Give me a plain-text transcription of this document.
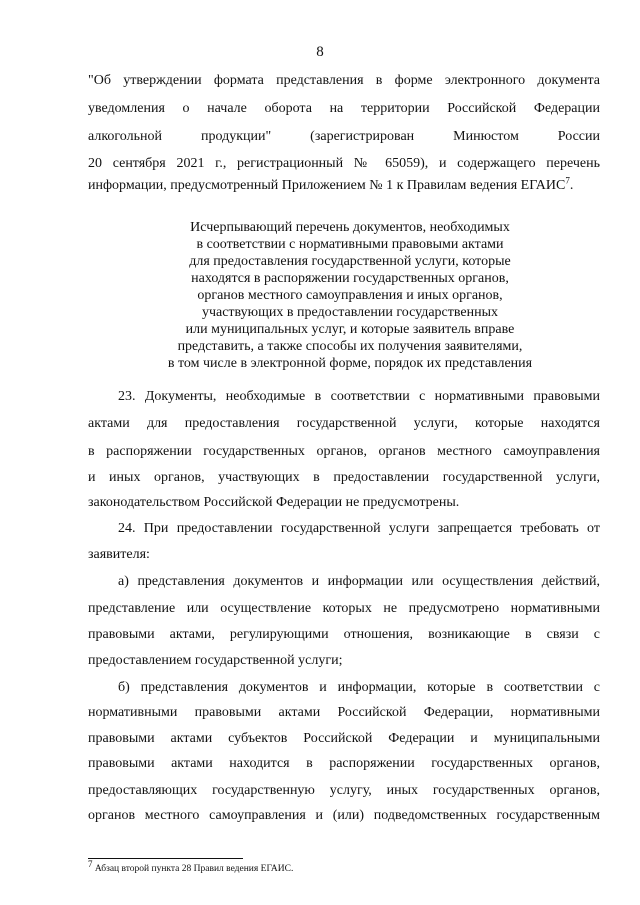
8
"Об утверждении формата представления в форме электронного документа
уведомления о начале оборота на территории Российской Федерации
алкогольной продукции" (зарегистрирован Минюстом России
20 сентября 2021 г., регистрационный № 65059), и содержащего перечень
информации, предусмотренный Приложением № 1 к Правилам ведения ЕГАИС$^7$.
Исчерпывающий перечень документов, необходимых
в соответствии с нормативными правовыми актами
для предоставления государственной услуги, которые
находятся в распоряжении государственных органов,
органов местного самоуправления и иных органов,
участвующих в предоставлении государственных
или муниципальных услуг, и которые заявитель вправе
представить, а также способы их получения заявителями,
в том числе в электронной форме, порядок их представления
23. Документы, необходимые в соответствии с нормативными правовыми
актами для предоставления государственной услуги, которые находятся
в распоряжении государственных органов, органов местного самоуправления
и иных органов, участвующих в предоставлении государственной услуги,
законодательством Российской Федерации не предусмотрены.
24. При предоставлении государственной услуги запрещается требовать от
заявителя:
а) представления документов и информации или осуществления действий,
представление или осуществление которых не предусмотрено нормативными
правовыми актами, регулирующими отношения, возникающие в связи с
предоставлением государственной услуги;
б) представления документов и информации, которые в соответствии с
нормативными правовыми актами Российской Федерации, нормативными
правовыми актами субъектов Российской Федерации и муниципальными
правовыми актами находится в распоряжении государственных органов,
предоставляющих государственную услугу, иных государственных органов,
органов местного самоуправления и (или) подведомственных государственным
$^7$ Абзац второй пункта 28 Правил ведения ЕГАИС.
